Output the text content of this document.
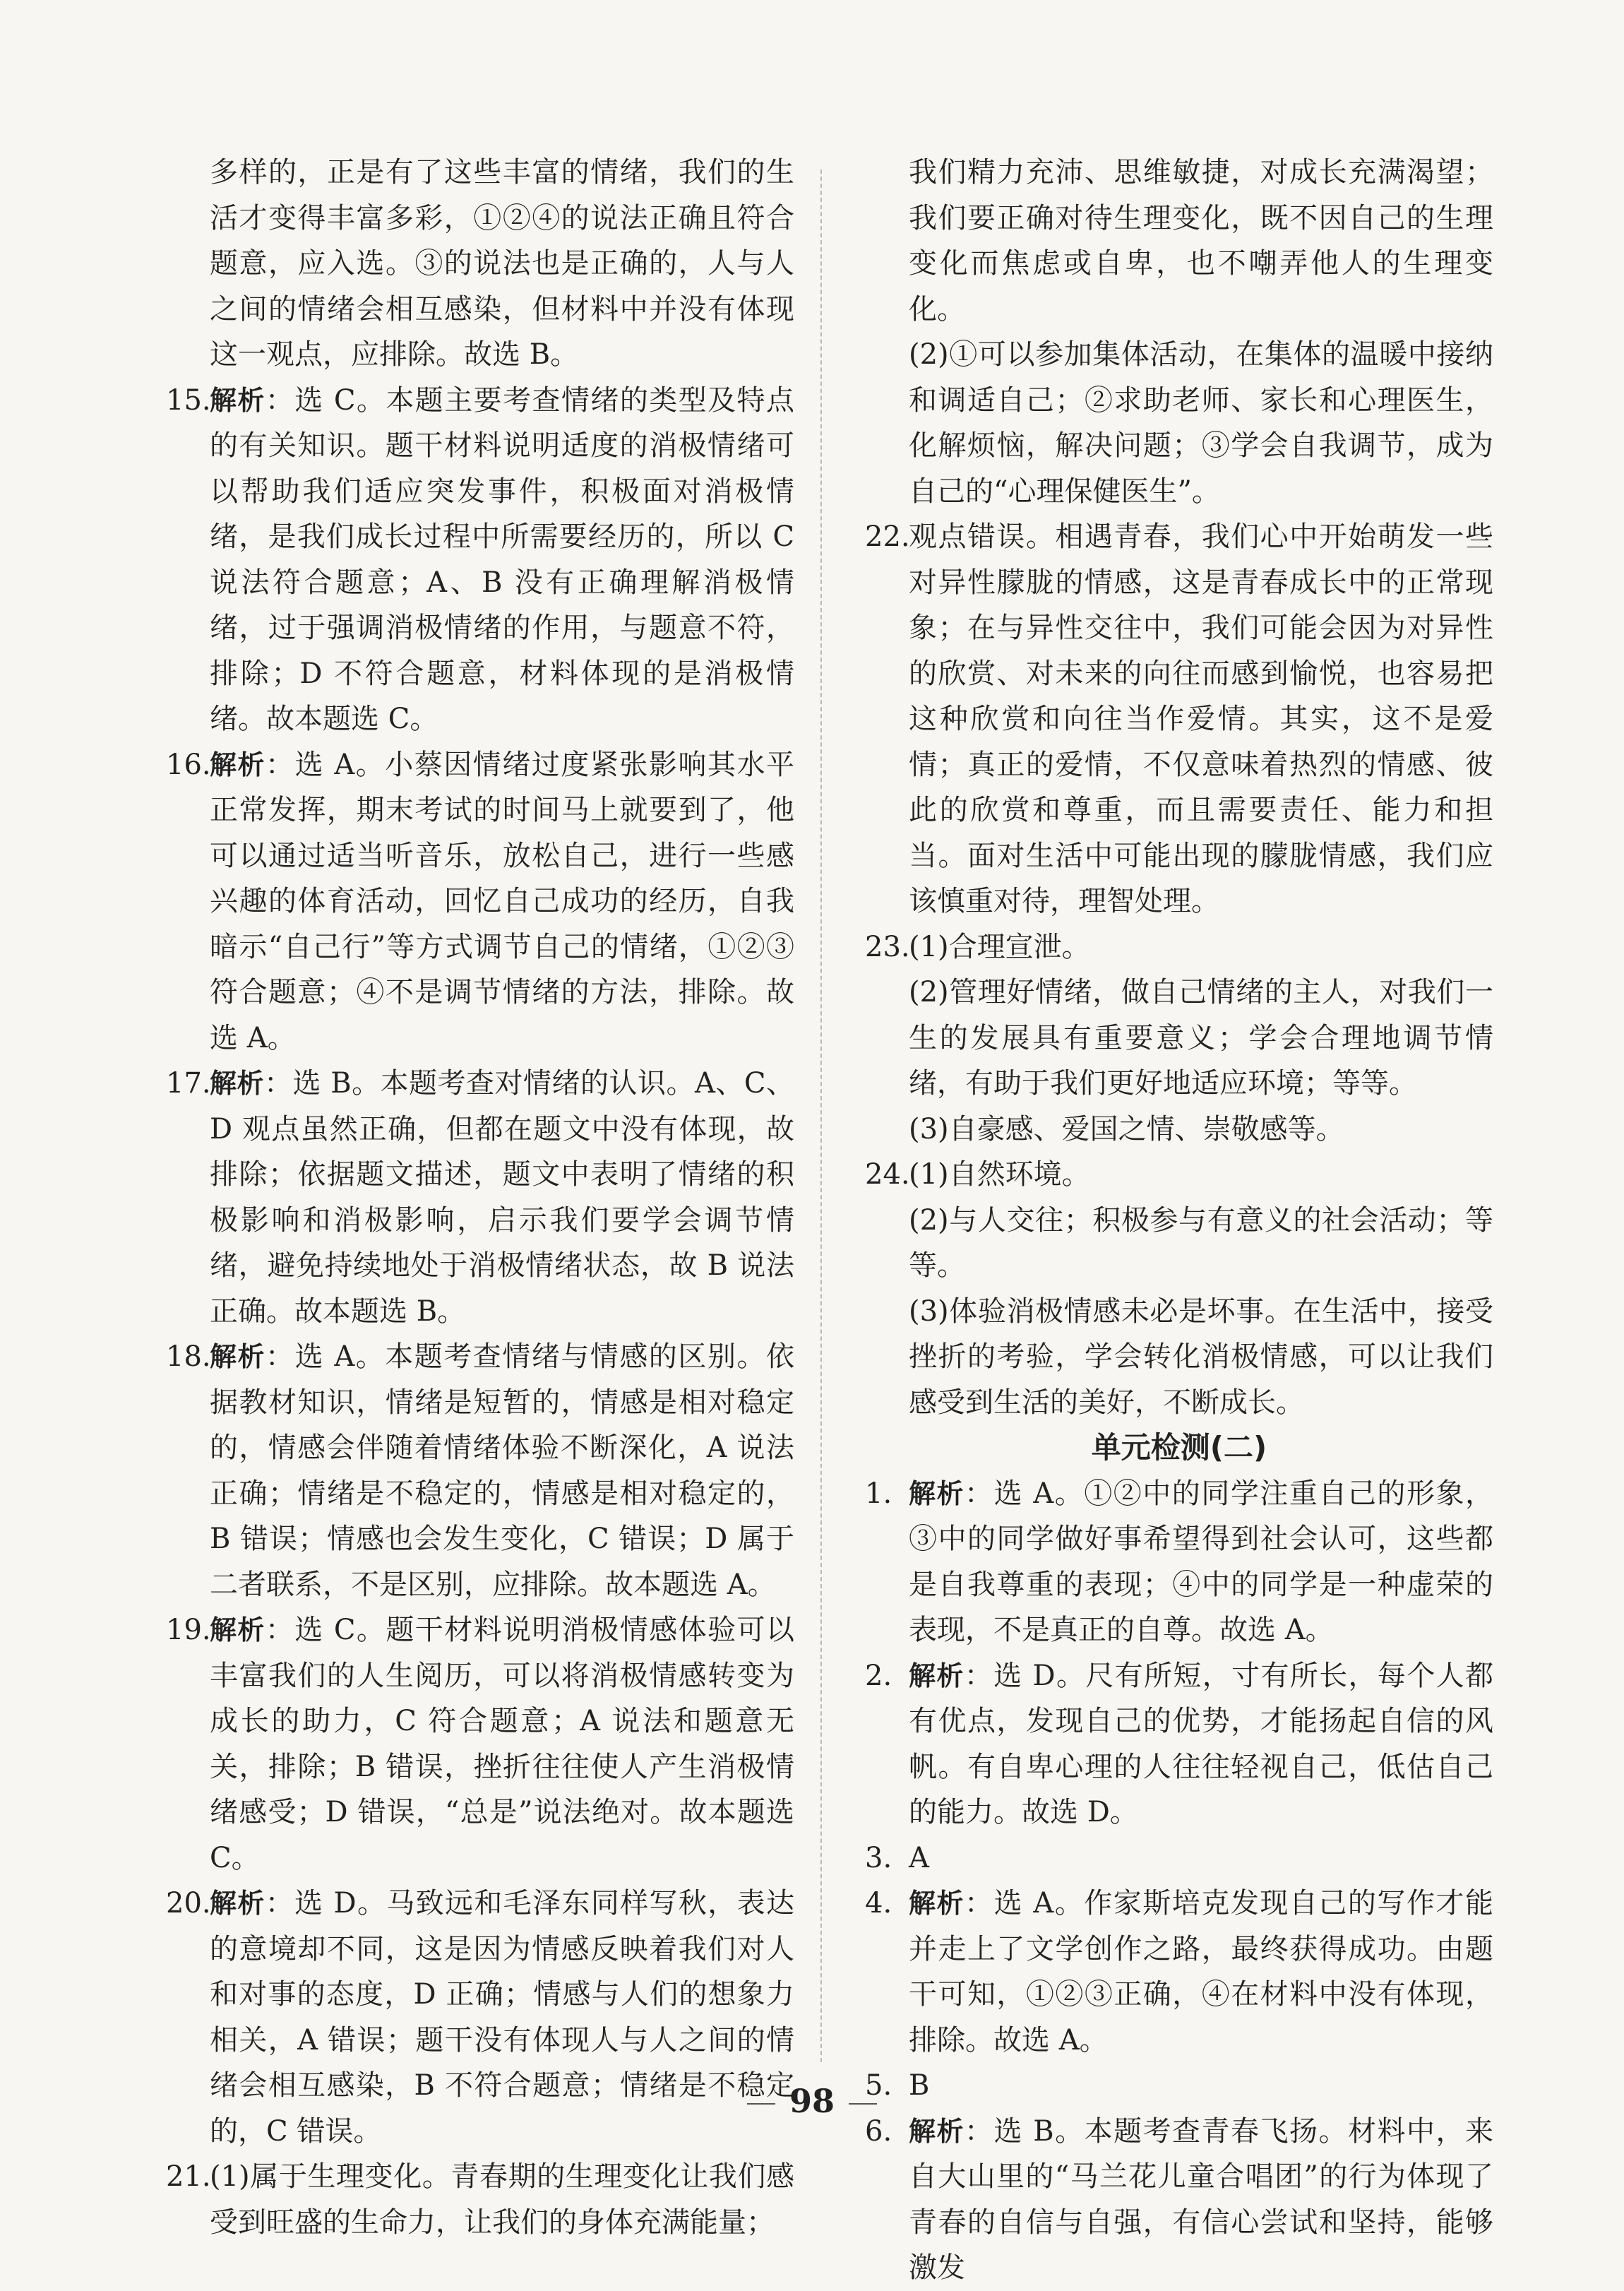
多样的，正是有了这些丰富的情绪，我们的生活才变得丰富多彩，①②④的说法正确且符合题意，应入选。③的说法也是正确的，人与人之间的情绪会相互感染，但材料中并没有体现这一观点，应排除。故选 B。

15.
解析：选 C。本题主要考查情绪的类型及特点的有关知识。题干材料说明适度的消极情绪可以帮助我们适应突发事件，积极面对消极情绪，是我们成长过程中所需要经历的，所以 C 说法符合题意；A、B 没有正确理解消极情绪，过于强调消极情绪的作用，与题意不符，排除；D 不符合题意，材料体现的是消极情绪。故本题选 C。
16.
解析：选 A。小蔡因情绪过度紧张影响其水平正常发挥，期末考试的时间马上就要到了，他可以通过适当听音乐，放松自己，进行一些感兴趣的体育活动，回忆自己成功的经历，自我暗示“自己行”等方式调节自己的情绪，①②③符合题意；④不是调节情绪的方法，排除。故选 A。
17.
解析：选 B。本题考查对情绪的认识。A、C、D 观点虽然正确，但都在题文中没有体现，故排除；依据题文描述，题文中表明了情绪的积极影响和消极影响，启示我们要学会调节情绪，避免持续地处于消极情绪状态，故 B 说法正确。故本题选 B。
18.
解析：选 A。本题考查情绪与情感的区别。依据教材知识，情绪是短暂的，情感是相对稳定的，情感会伴随着情绪体验不断深化，A 说法正确；情绪是不稳定的，情感是相对稳定的，B 错误；情感也会发生变化，C 错误；D 属于二者联系，不是区别，应排除。故本题选 A。
19.
解析：选 C。题干材料说明消极情感体验可以丰富我们的人生阅历，可以将消极情感转变为成长的助力，C 符合题意；A 说法和题意无关，排除；B 错误，挫折往往使人产生消极情绪感受；D 错误，“总是”说法绝对。故本题选 C。
20.
解析：选 D。马致远和毛泽东同样写秋，表达的意境却不同，这是因为情感反映着我们对人和对事的态度，D 正确；情感与人们的想象力相关，A 错误；题干没有体现人与人之间的情绪会相互感染，B 不符合题意；情绪是不稳定的，C 错误。
21.
(1)属于生理变化。青春期的生理变化让我们感受到旺盛的生命力，让我们的身体充满能量；

我们精力充沛、思维敏捷，对成长充满渴望；我们要正确对待生理变化，既不因自己的生理变化而焦虑或自卑，也不嘲弄他人的生理变化。

(2)①可以参加集体活动，在集体的温暖中接纳和调适自己；②求助老师、家长和心理医生，化解烦恼，解决问题；③学会自我调节，成为自己的“心理保健医生”。

22.
观点错误。相遇青春，我们心中开始萌发一些对异性朦胧的情感，这是青春成长中的正常现象；在与异性交往中，我们可能会因为对异性的欣赏、对未来的向往而感到愉悦，也容易把这种欣赏和向往当作爱情。其实，这不是爱情；真正的爱情，不仅意味着热烈的情感、彼此的欣赏和尊重，而且需要责任、能力和担当。面对生活中可能出现的朦胧情感，我们应该慎重对待，理智处理。
23.
(1)合理宣泄。

(2)管理好情绪，做自己情绪的主人，对我们一生的发展具有重要意义；学会合理地调节情绪，有助于我们更好地适应环境；等等。

(3)自豪感、爱国之情、崇敬感等。

24.
(1)自然环境。

(2)与人交往；积极参与有意义的社会活动；等等。

(3)体验消极情感未必是坏事。在生活中，接受挫折的考验，学会转化消极情感，可以让我们感受到生活的美好，不断成长。

单元检测(二)

1. 解析：选 A。①②中的同学注重自己的形象，③中的同学做好事希望得到社会认可，这些都是自我尊重的表现；④中的同学是一种虚荣的表现，不是真正的自尊。故选 A。
2. 解析：选 D。尺有所短，寸有所长，每个人都有优点，发现自己的优势，才能扬起自信的风帆。有自卑心理的人往往轻视自己，低估自己的能力。故选 D。
3. A
4. 解析：选 A。作家斯培克发现自己的写作才能并走上了文学创作之路，最终获得成功。由题干可知，①②③正确，④在材料中没有体现，排除。故选 A。
5. B
6. 解析：选 B。本题考查青春飞扬。材料中，来自大山里的“马兰花儿童合唱团”的行为体现了青春的自信与自强，有信心尝试和坚持，能够激发
98
